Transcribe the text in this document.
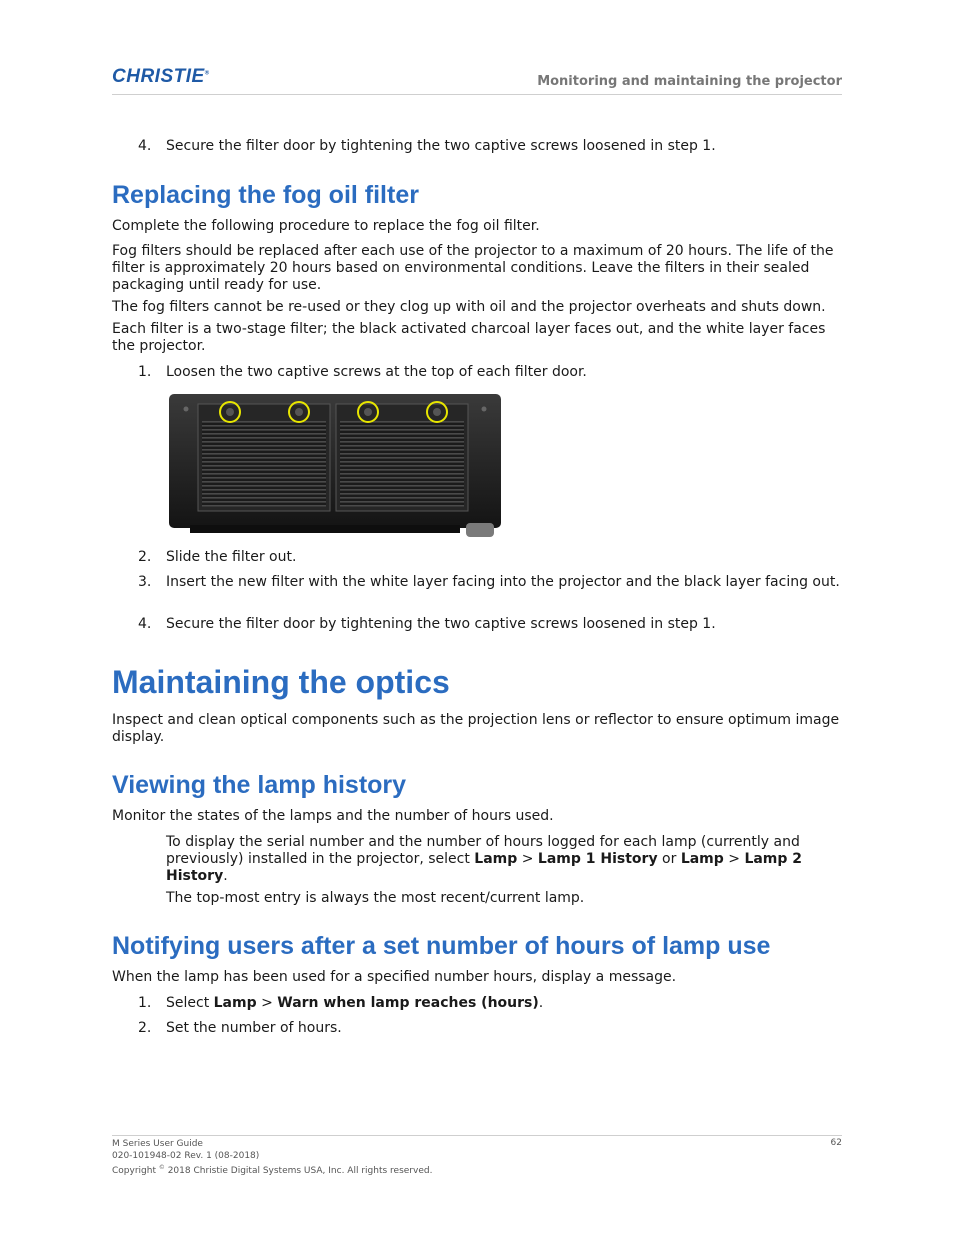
CHRISTIE®
Monitoring and maintaining the projector
4. Secure the filter door by tightening the two captive screws loosened in step 1.
Replacing the fog oil filter

Complete the following procedure to replace the fog oil filter.

Fog filters should be replaced after each use of the projector to a maximum of 20 hours. The life of the filter is approximately 20 hours based on environmental conditions. Leave the filters in their sealed packaging until ready for use.

The fog filters cannot be re-used or they clog up with oil and the projector overheats and shuts down.

Each filter is a two-stage filter; the black activated charcoal layer faces out, and the white layer faces the projector.

1. Loosen the two captive screws at the top of each filter door.
2. Slide the filter out.
3. Insert the new filter with the white layer facing into the projector and the black layer facing out.
4. Secure the filter door by tightening the two captive screws loosened in step 1.
Maintaining the optics

Inspect and clean optical components such as the projection lens or reflector to ensure optimum image display.

Viewing the lamp history

Monitor the states of the lamps and the number of hours used.

To display the serial number and the number of hours logged for each lamp (currently and previously) installed in the projector, select Lamp > Lamp 1 History or Lamp > Lamp 2 History.

The top-most entry is always the most recent/current lamp.

Notifying users after a set number of hours of lamp use

When the lamp has been used for a specified number hours, display a message.

1. Select Lamp > Warn when lamp reaches (hours).
2. Set the number of hours.
M Series User Guide
020-101948-02 Rev. 1 (08-2018)
Copyright © 2018 Christie Digital Systems USA, Inc. All rights reserved.
62
